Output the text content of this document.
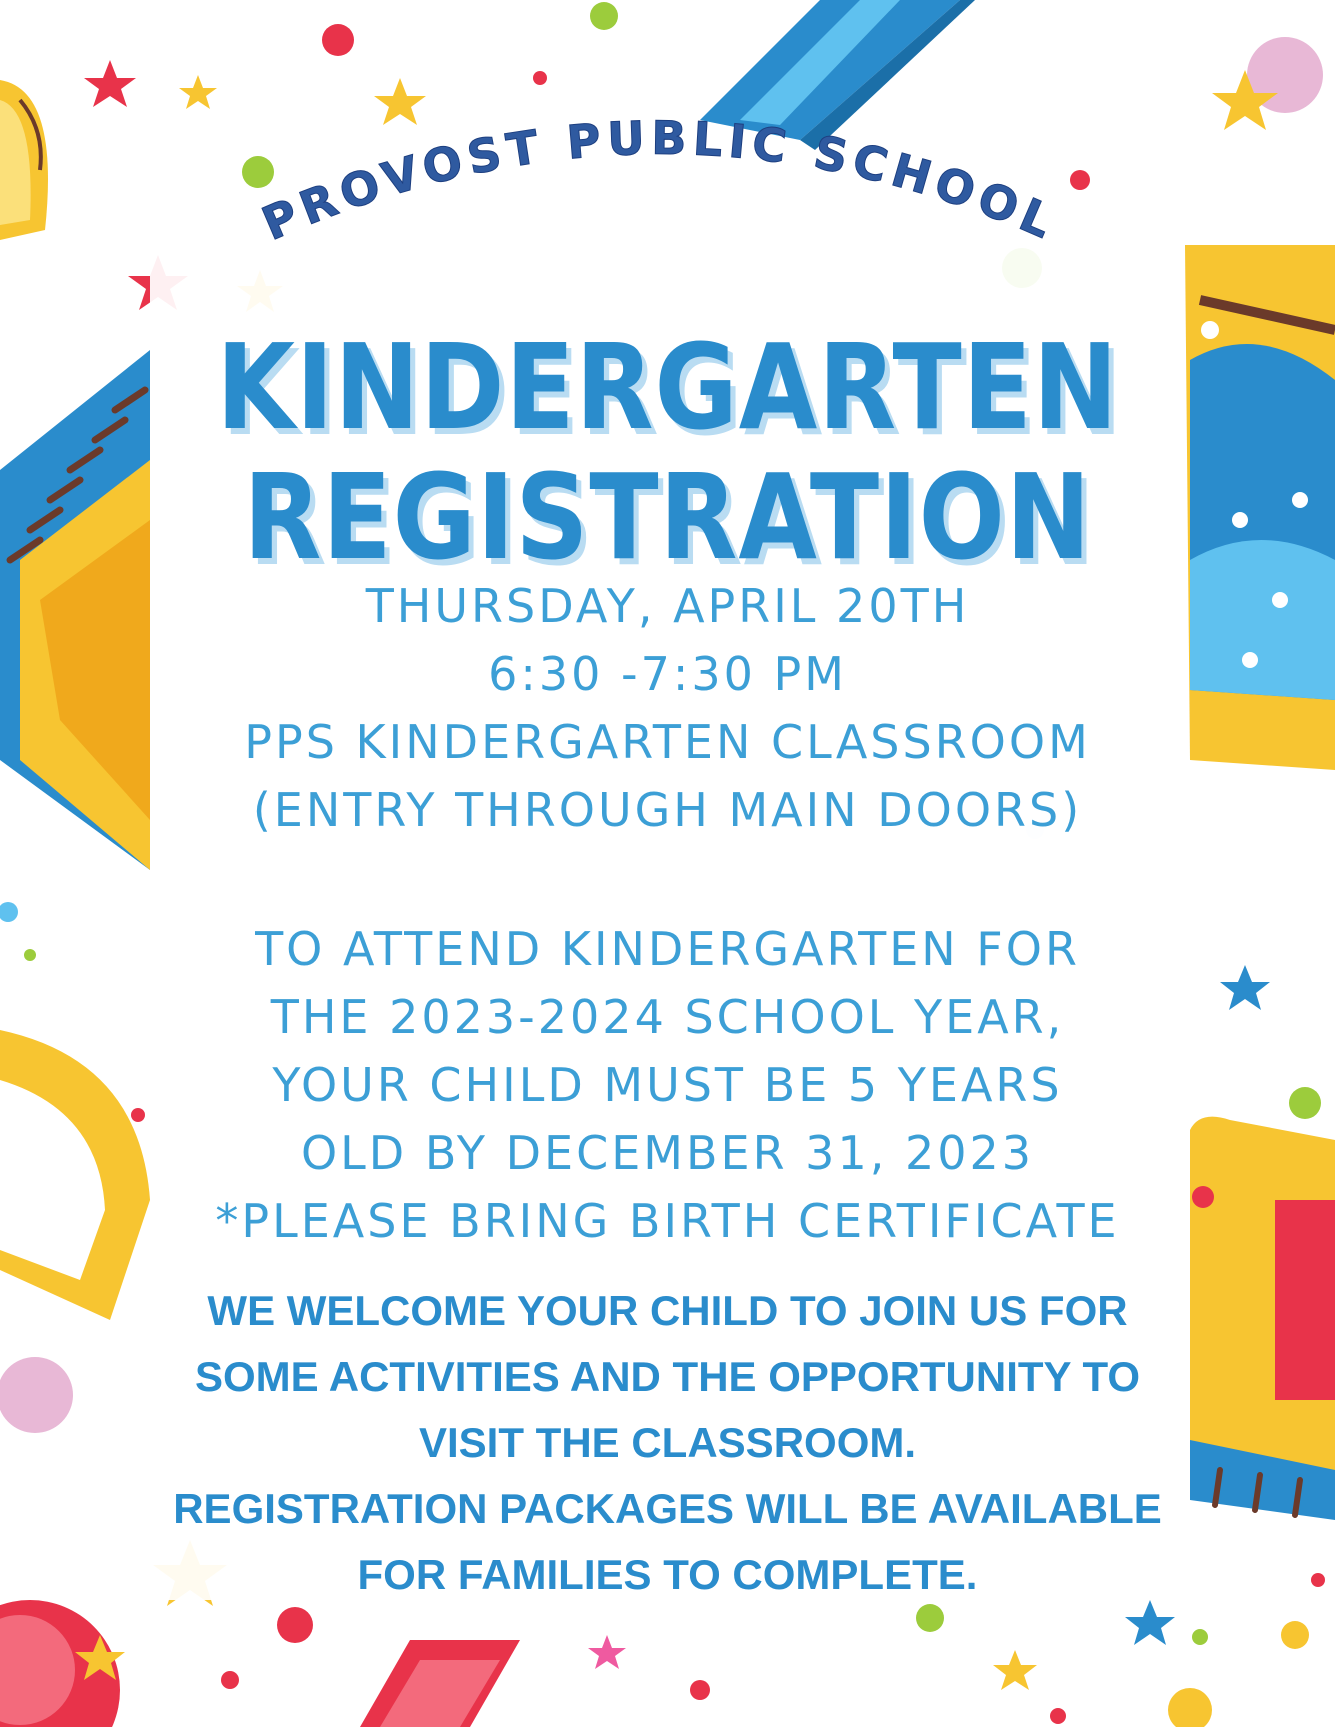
PROVOST PUBLIC SCHOOL
KINDERGARTEN
REGISTRATION
THURSDAY, APRIL 20TH
6:30 -7:30 PM
PPS KINDERGARTEN CLASSROOM
(ENTRY THROUGH MAIN DOORS)
TO ATTEND KINDERGARTEN FOR
THE 2023-2024 SCHOOL YEAR,
YOUR CHILD MUST BE 5 YEARS
OLD BY DECEMBER 31, 2023
*PLEASE BRING BIRTH CERTIFICATE
WE WELCOME YOUR CHILD TO JOIN US FOR
SOME ACTIVITIES AND THE OPPORTUNITY TO
VISIT THE CLASSROOM.
REGISTRATION PACKAGES WILL BE AVAILABLE
FOR FAMILIES TO COMPLETE.
